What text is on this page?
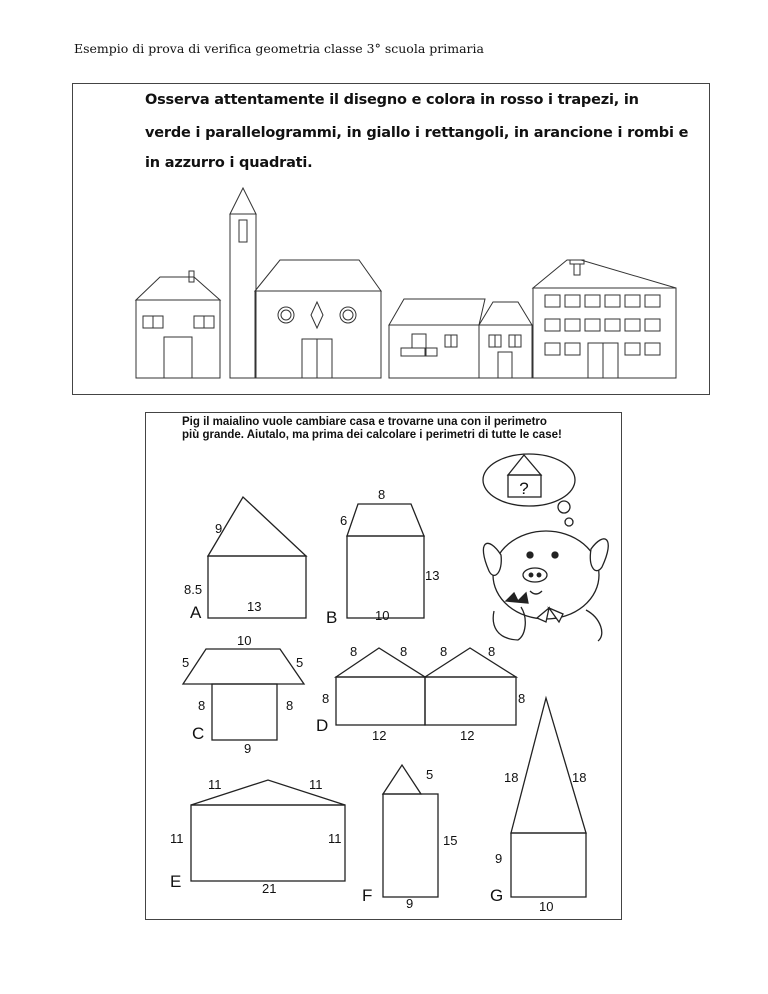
Esempio di prova di verifica geometria classe 3° scuola primaria
Osserva attentamente il disegno e colora in rosso i trapezi, in
verde i parallelogrammi, in giallo i rettangoli, in arancione i rombi e
in azzurro i quadrati.
Pig il maialino vuole cambiare casa e trovarne una con il perimetro
più grande. Aiutalo, ma prima dei calcolare i perimetri di tutte le case!
?
9
8.5
13
A
8
6
13
10
B
10
5	5
8	8
9
C
8	8	8	8
8	8
12	12
D
11	11
11	11
21
E
5
15
9
F
18	18
9
10
G
